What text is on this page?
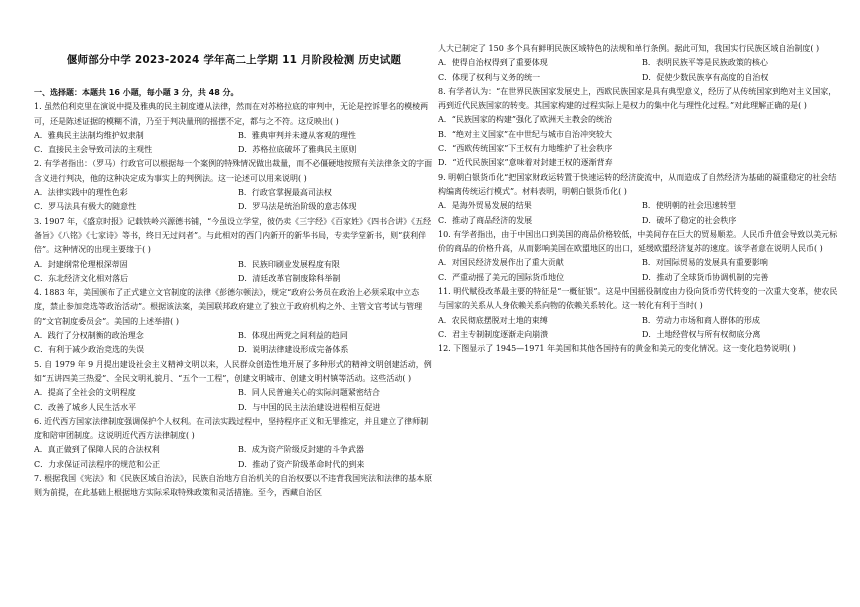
偃师部分中学 2023-2024 学年高二上学期 11 月阶段检测 历史试题
一、选择题：本题共 16 小题，每小题 3 分，共 48 分。
1. 虽然伯利克里在演说中提及雅典的民主制度遵从法律，然而在对苏格拉底的审判中，无论是控诉罪名的模棱两可，还是陈述证据的模糊不清，乃至于判决量刑的摇摆不定，都与之不符。这反映出( )
A．雅典民主法制均维护奴隶制	B．雅典审判并未遵从客观的理性
C．直接民主会导致司法的主观性	D．苏格拉底破坏了雅典民主原则
2. 有学者指出：（罗马）行政官可以根据每一个案例的特殊情况做出裁量，而不必僵硬地按照有关法律条文的字面含义进行判决，他的这种决定成为事实上的判例法。这一论述可以用来说明( )
A．法律实践中的理性色彩	B．行政官掌握最高司法权
C．罗马法具有极大的随意性	D．罗马法是统治阶级的意志体现
3. 1907 年，《盛京时报》记载铁岭兴源德书铺，“今虽设立学堂，彼仍卖《三字经》《百家姓》《四书合讲》《五经备旨》《八铭》《七家诗》等书，终日无过问者”。与此相对的西门内新开的新华书局，专卖学堂新书，则“获利伴倍”。这种情况的出现主要缘于( )
A．封建纲常伦理根深蒂固	B．民族印刷业发展程度有限
C．东北经济文化相对落后	D．清廷改革官制废除科举制
4. 1883 年，美国颁布了正式建立文官制度的法律《彭德尔顿法》，规定“政府公务员在政治上必须采取中立态度，禁止参加竞选等政治活动”。根据该法案，美国联邦政府建立了独立于政府机构之外、主管文官考试与管理的“文官制度委员会”。美国的上述举措( )
A．践行了分权制衡的政治理念	B．体现出两党之间利益的趋同
C．有利于减少政治竞选的失误	D．说明法律建设形成完备体系
5. 自 1979 年 9 月提出建设社会主义精神文明以来，人民群众创造性地开展了多种形式的精神文明创建活动，例如“五讲四美三热爱”、全民文明礼貌月、“五个一工程”，创建文明城市、创建文明村镇等活动。这些活动( )
A．提高了全社会的文明程度	B．同人民普遍关心的实际问题紧密结合
C．改善了城乡人民生活水平	D．与中国的民主法治建设进程相互促进
6. 近代西方国家法律制度强调保护个人权利。在司法实践过程中，坚持程序正义和无罪推定，并且建立了律师制度和陪审团制度。这说明近代西方法律制度( )
A．真正做到了保障人民的合法权利	B．成为资产阶级反封建的斗争武器
C．力求保证司法程序的规范和公正	D．推动了资产阶级革命时代的到来
7. 根据我国《宪法》和《民族区域自治法》，民族自治地方自治机关的自治权要以不违背我国宪法和法律的基本原则为前提，在此基础上根据地方实际采取特殊政策和灵活措施。至今，西藏自治区
人大已制定了 150 多个具有鲜明民族区域特色的法规和单行条例。据此可知，我国实行民族区域自治制度( )
A．使得自治权得到了重要体现	B．表明民族平等是民族政策的核心
C．体现了权利与义务的统一	D．促使少数民族享有高度的自治权
8. 有学者认为：“在世界民族国家发展史上，西欧民族国家是具有典型意义，经历了从传统国家到绝对主义国家，再到近代民族国家的转变。其国家构建的过程实际上是权力的集中化与理性化过程。”对此理解正确的是( )
A．“民族国家的构建”强化了欧洲天主教会的统治
B．“绝对主义国家”在中世纪与城市自治冲突较大
C．“西欧传统国家”下王权有力地维护了社会秩序
D．“近代民族国家”意味着对封建王权的逐渐背弃
9. 明朝白银货币化“把国家财政运转置于快速运转的经济旋流中，从而造成了自然经济为基础的凝重稳定的社会结构编离传统运行模式”。材料表明，明朝白银货币化( )
A．是海外贸易发展的结果	B．使明朝的社会迅速转型
C．推动了商品经济的发展	D．破坏了稳定的社会秩序
10. 有学者指出，由于中国出口到美国的商品价格较低，中美间存在巨大的贸易顺差。人民币升值会导致以美元标价的商品的价格升高，从而影响美国在欧盟地区的出口，延缓欧盟经济复苏的速度。该学者意在说明人民币( )
A．对国民经济发展作出了重大贡献	B．对国际贸易的发展具有重要影响
C．严重动摇了美元的国际货币地位	D．推动了全球货币协调机制的完善
11. 明代赋役改革最主要的特征是“一概征银”。这是中国摇役制度由力役向货币劳代转变的一次重大变革，使农民与国家的关系从人身依赖关系向物的依赖关系转化。这一转化有利于当时( )
A．农民彻底摆脱对土地的束缚	B．劳动力市场和商人群体的形成
C．君主专制制度逐渐走向崩溃	D．土地经营权与所有权彻底分离
12. 下图显示了 1945—1971 年美国和其他各国持有的黄金和美元的变化情况。这一变化趋势说明( )
